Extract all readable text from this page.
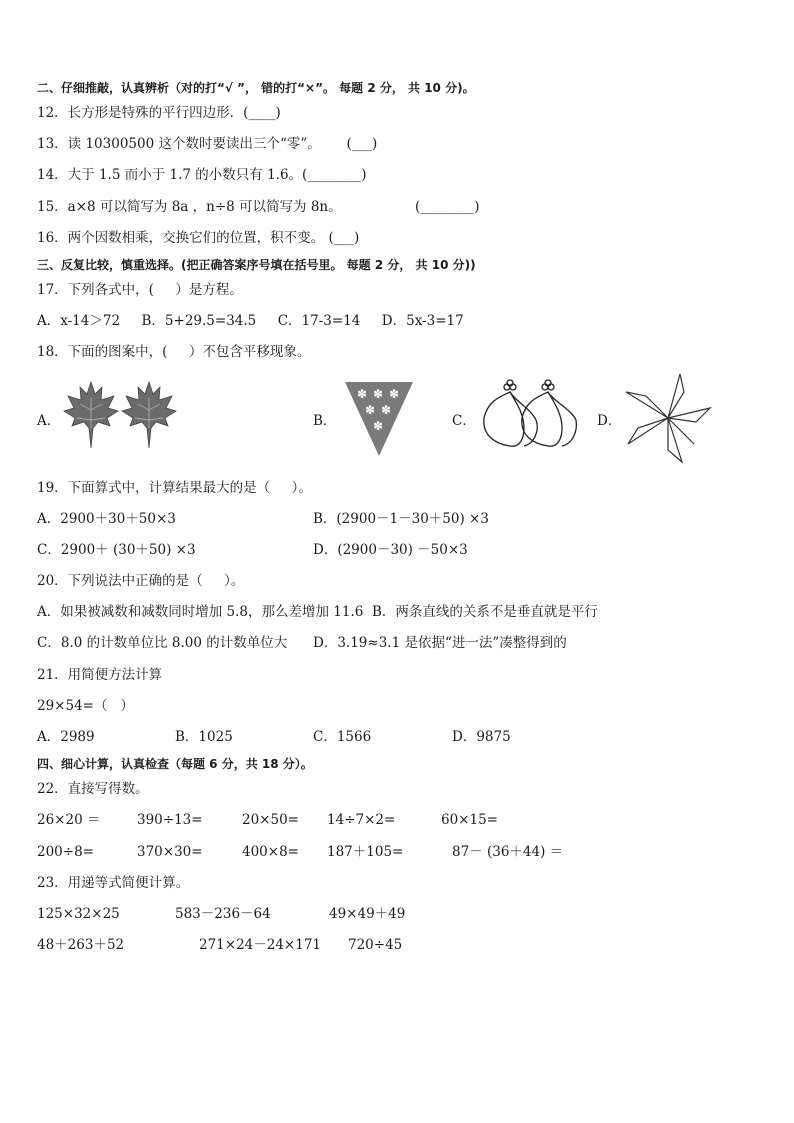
二、仔细推敲，认真辨析（对的打“√ ”， 错的打“×”。 每题 2 分， 共 10 分)。
12．长方形是特殊的平行四边形．(____)
13．读 10300500 这个数时要读出三个“零”。      (___)
14．大于 1.5 而小于 1.7 的小数只有 1.6。(________)
15．a×8 可以简写为 8a ，n÷8 可以简写为 8n。	(________)
16．两个因数相乘，交换它们的位置，积不变。 (___)
三、反复比较，慎重选择。(把正确答案序号填在括号里。 每题 2 分， 共 10 分))
17．下列各式中，(     ）是方程。
A．x-14＞72     B．5+29.5=34.5     C．17-3=14     D．5x-3=17
18．下面的图案中，(     ）不包含平移现象。
A．	B．
✽ ✽ ✽
✽ ✽
✽	C．	D．
19．下面算式中，计算结果最大的是（     ）。
A．2900＋30＋50×3	B．(2900－1－30＋50) ×3
C．2900＋ (30＋50) ×3	D．(2900－30) －50×3
20．下列说法中正确的是（     ）。
A．如果被减数和减数同时增加 5.8，那么差增加 11.6  B．两条直线的关系不是垂直就是平行
C．8.0 的计数单位比 8.00 的计数单位大 D．3.19≈3.1 是依据“进一法”凑整得到的
21．用简便方法计算
29×54=（   ）
A．2989	B．1025	C．1566	D．9875
四、细心计算，认真检查（每题 6 分，共 18 分）。
22．直接写得数。
26×20 ＝	390÷13=	20×50= 14÷7×2=	60×15=
200÷8=	370×30=	400×8= 187＋105=	87－ (36＋44) ＝
23．用递等式简便计算。
125×32×25	583－236－64	49×49＋49
48＋263＋52	271×24－24×171 720÷45
